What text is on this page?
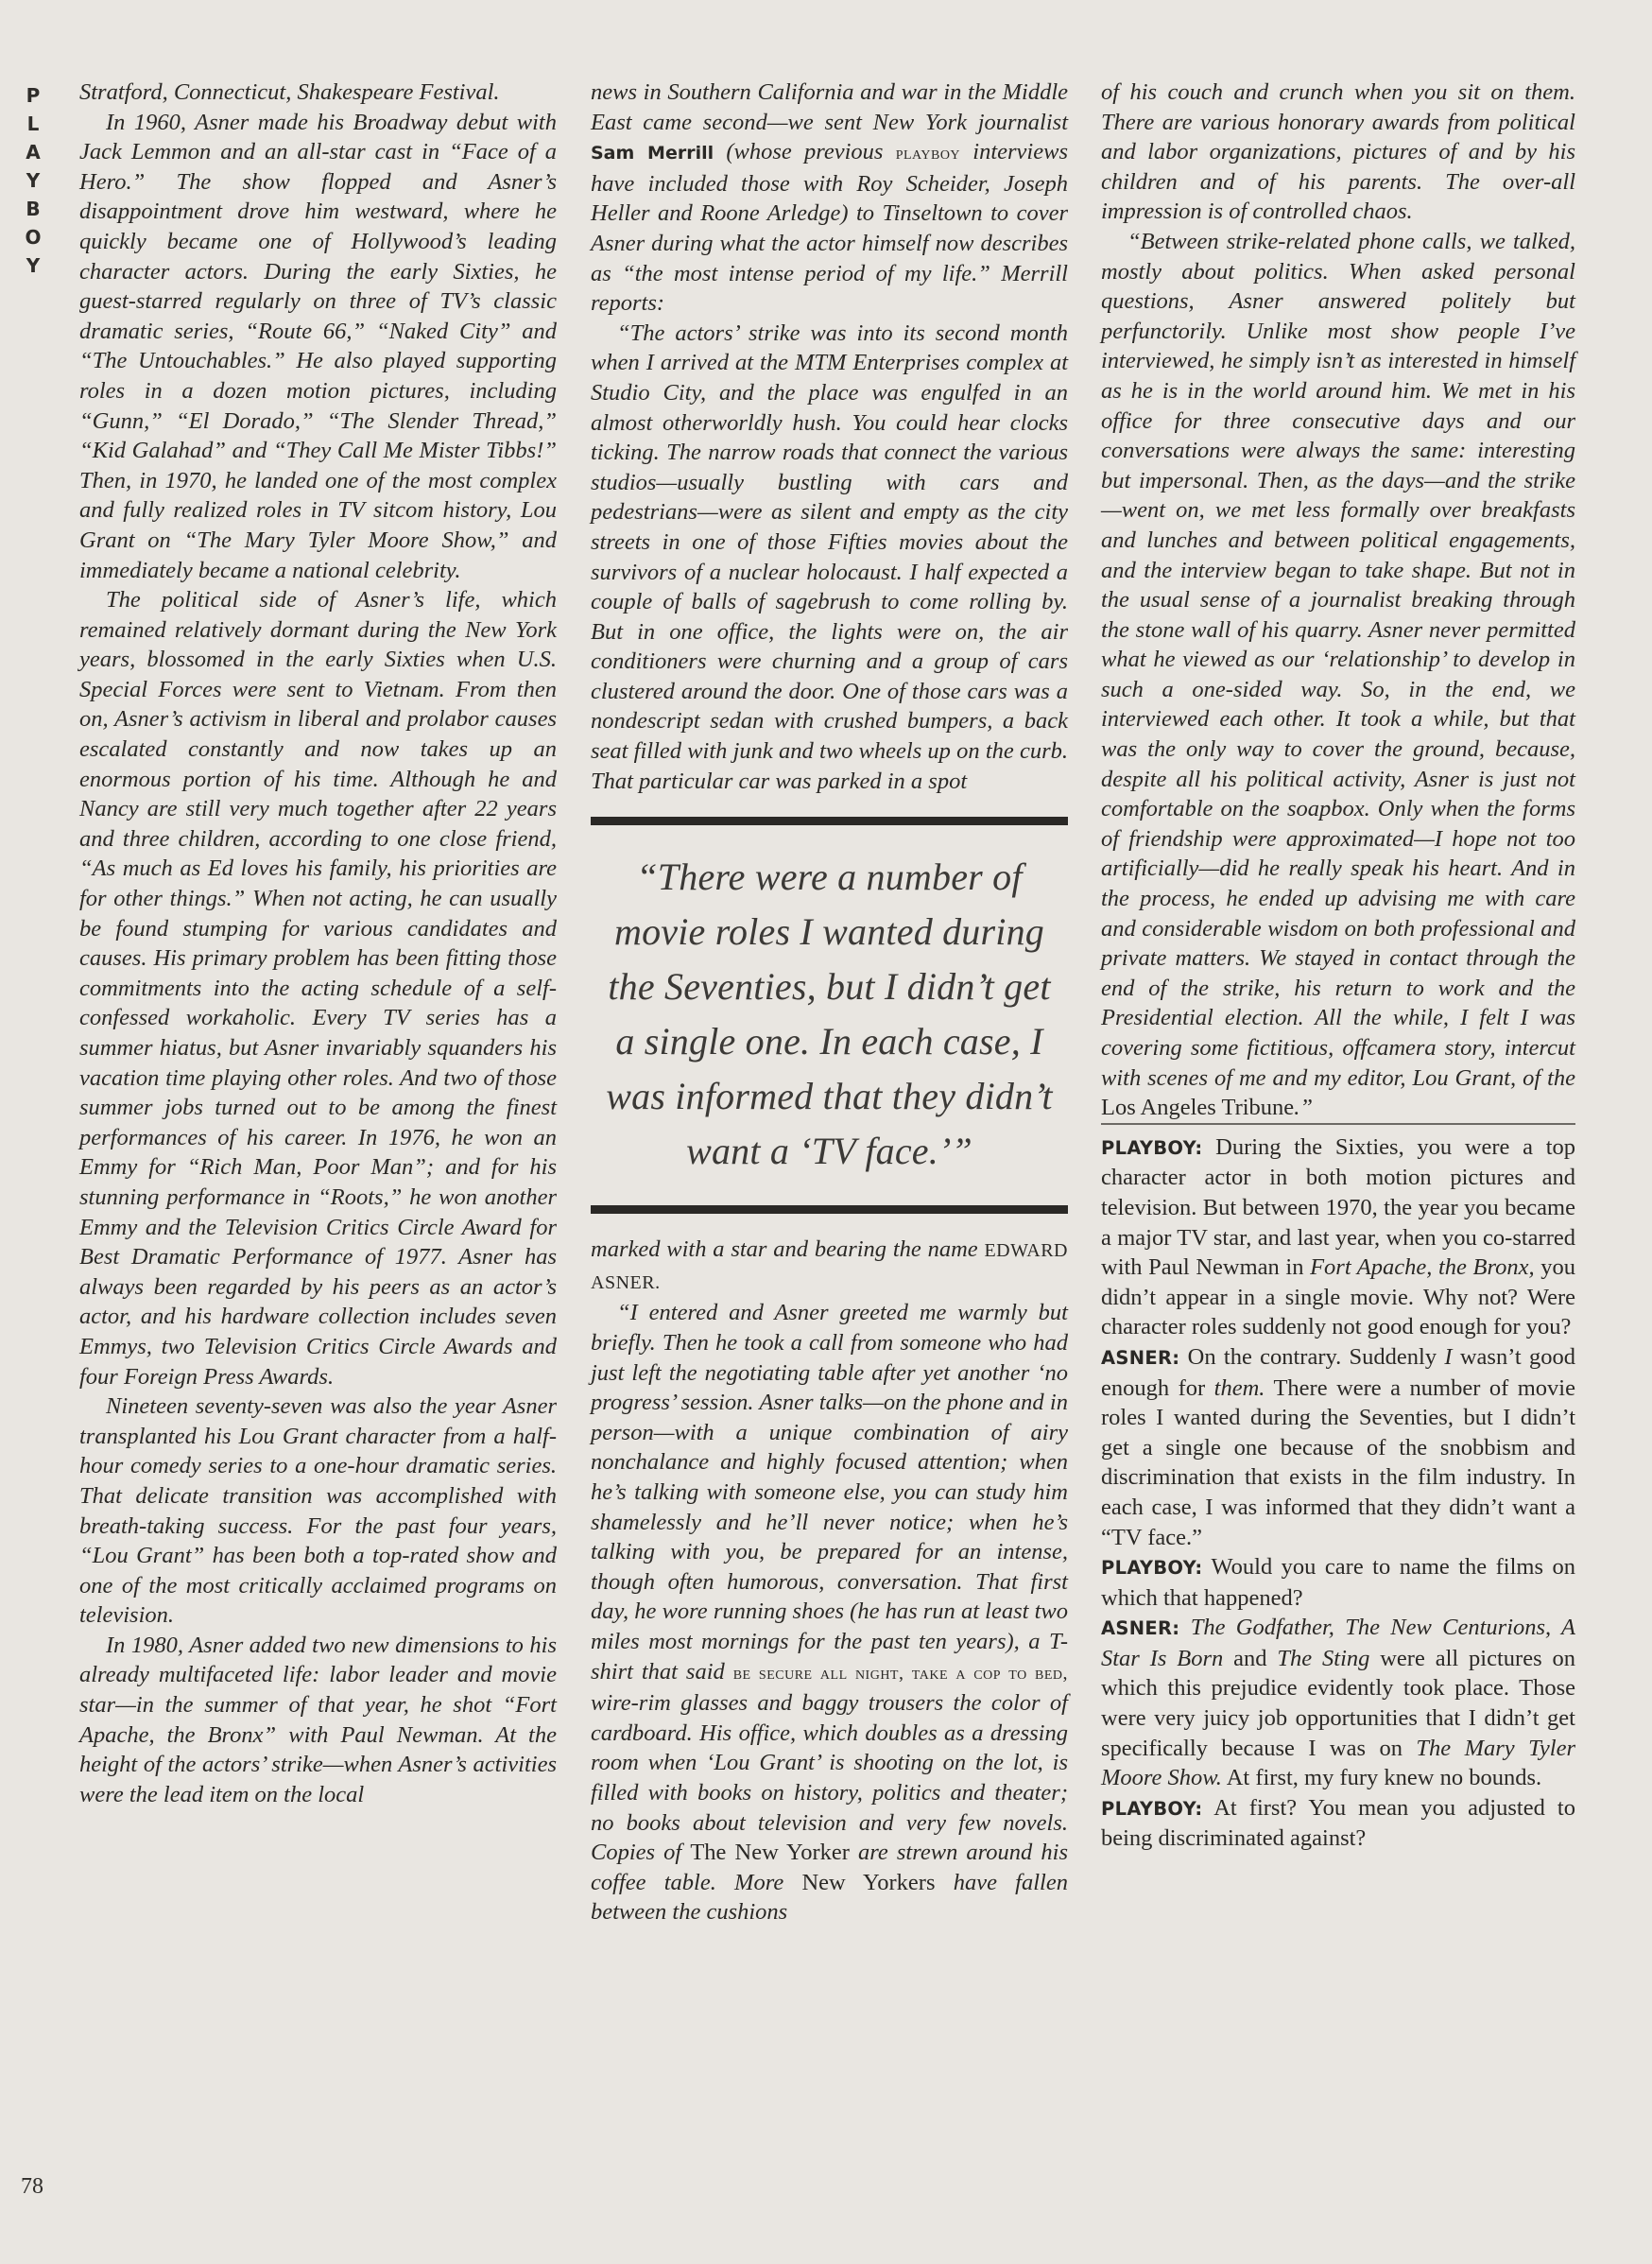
PLAYBOY
78

Stratford, Connecticut, Shakespeare Festival.

In 1960, Asner made his Broadway debut with Jack Lemmon and an all-star cast in “Face of a Hero.” The show flopped and Asner’s disappointment drove him westward, where he quickly became one of Hollywood’s leading character actors. During the early Sixties, he guest-starred regularly on three of TV’s classic dramatic series, “Route 66,” “Naked City” and “The Untouchables.” He also played supporting roles in a dozen motion pictures, including “Gunn,” “El Dorado,” “The Slender Thread,” “Kid Galahad” and “They Call Me Mister Tibbs!” Then, in 1970, he landed one of the most complex and fully realized roles in TV sitcom history, Lou Grant on “The Mary Tyler Moore Show,” and immediately became a national celebrity.

The political side of Asner’s life, which remained relatively dormant during the New York years, blossomed in the early Sixties when U.S. Special Forces were sent to Vietnam. From then on, Asner’s activism in liberal and prolabor causes escalated constantly and now takes up an enormous portion of his time. Although he and Nancy are still very much together after 22 years and three children, according to one close friend, “As much as Ed loves his family, his priorities are for other things.” When not acting, he can usually be found stumping for various candidates and causes. His primary problem has been fitting those commitments into the acting schedule of a self-confessed workaholic. Every TV series has a summer hiatus, but Asner invariably squanders his vacation time playing other roles. And two of those summer jobs turned out to be among the finest performances of his career. In 1976, he won an Emmy for “Rich Man, Poor Man”; and for his stunning performance in “Roots,” he won another Emmy and the Television Critics Circle Award for Best Dramatic Performance of 1977. Asner has always been regarded by his peers as an actor’s actor, and his hardware collection includes seven Emmys, two Television Critics Circle Awards and four Foreign Press Awards.

Nineteen seventy-seven was also the year Asner transplanted his Lou Grant character from a half-hour comedy series to a one-hour dramatic series. That delicate transition was accomplished with breath-taking success. For the past four years, “Lou Grant” has been both a top-rated show and one of the most critically acclaimed programs on television.

In 1980, Asner added two new dimensions to his already multifaceted life: labor leader and movie star—in the summer of that year, he shot “Fort Apache, the Bronx” with Paul Newman. At the height of the actors’ strike—when Asner’s activities were the lead item on the local

news in Southern California and war in the Middle East came second—we sent New York journalist Sam Merrill (whose previous playboy interviews have included those with Roy Scheider, Joseph Heller and Roone Arledge) to Tinseltown to cover Asner during what the actor himself now describes as “the most intense period of my life.” Merrill reports:

“The actors’ strike was into its second month when I arrived at the MTM Enterprises complex at Studio City, and the place was engulfed in an almost otherworldly hush. You could hear clocks ticking. The narrow roads that connect the various studios—usually bustling with cars and pedestrians—were as silent and empty as the city streets in one of those Fifties movies about the survivors of a nuclear holocaust. I half expected a couple of balls of sagebrush to come rolling by. But in one office, the lights were on, the air conditioners were churning and a group of cars clustered around the door. One of those cars was a nondescript sedan with crushed bumpers, a back seat filled with junk and two wheels up on the curb. That particular car was parked in a spot

“There were a number of movie roles I wanted during the Seventies, but I didn’t get a single one. In each case, I was informed that they didn’t want a ‘TV face.’”

marked with a star and bearing the name EDWARD ASNER.

“I entered and Asner greeted me warmly but briefly. Then he took a call from someone who had just left the negotiating table after yet another ‘no progress’ session. Asner talks—on the phone and in person—with a unique combination of airy nonchalance and highly focused attention; when he’s talking with someone else, you can study him shamelessly and he’ll never notice; when he’s talking with you, be prepared for an intense, though often humorous, conversation. That first day, he wore running shoes (he has run at least two miles most mornings for the past ten years), a T-shirt that said be secure all night, take a cop to bed, wire-rim glasses and baggy trousers the color of cardboard. His office, which doubles as a dressing room when ‘Lou Grant’ is shooting on the lot, is filled with books on history, politics and theater; no books about television and very few novels. Copies of The New Yorker are strewn around his coffee table. More New Yorkers have fallen between the cushions

of his couch and crunch when you sit on them. There are various honorary awards from political and labor organizations, pictures of and by his children and of his parents. The over-all impression is of controlled chaos.

“Between strike-related phone calls, we talked, mostly about politics. When asked personal questions, Asner answered politely but perfunctorily. Unlike most show people I’ve interviewed, he simply isn’t as interested in himself as he is in the world around him. We met in his office for three consecutive days and our conversations were always the same: interesting but impersonal. Then, as the days—and the strike—went on, we met less formally over breakfasts and lunches and between political engagements, and the interview began to take shape. But not in the usual sense of a journalist breaking through the stone wall of his quarry. Asner never permitted what he viewed as our ‘relationship’ to develop in such a one-sided way. So, in the end, we interviewed each other. It took a while, but that was the only way to cover the ground, because, despite all his political activity, Asner is just not comfortable on the soapbox. Only when the forms of friendship were approximated—I hope not too artificially—did he really speak his heart. And in the process, he ended up advising me with care and considerable wisdom on both professional and private matters. We stayed in contact through the end of the strike, his return to work and the Presidential election. All the while, I felt I was covering some fictitious, offcamera story, intercut with scenes of me and my editor, Lou Grant, of the Los Angeles Tribune.”

PLAYBOY: During the Sixties, you were a top character actor in both motion pictures and television. But between 1970, the year you became a major TV star, and last year, when you co-starred with Paul Newman in Fort Apache, the Bronx, you didn’t appear in a single movie. Why not? Were character roles suddenly not good enough for you?

ASNER: On the contrary. Suddenly I wasn’t good enough for them. There were a number of movie roles I wanted during the Seventies, but I didn’t get a single one because of the snobbism and discrimination that exists in the film industry. In each case, I was informed that they didn’t want a “TV face.”

PLAYBOY: Would you care to name the films on which that happened?

ASNER: The Godfather, The New Centurions, A Star Is Born and The Sting were all pictures on which this prejudice evidently took place. Those were very juicy job opportunities that I didn’t get specifically because I was on The Mary Tyler Moore Show. At first, my fury knew no bounds.

PLAYBOY: At first? You mean you adjusted to being discriminated against?
